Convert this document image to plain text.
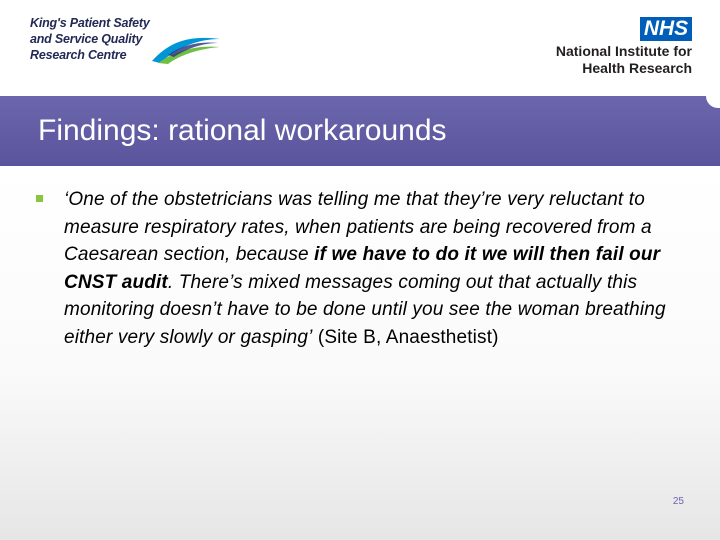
King's Patient Safety
and Service Quality
Research Centre
NHS
National Institute for
Health Research
Findings: rational workarounds

‘One of the obstetricians was telling me that they’re very reluctant to measure respiratory rates, when patients are being recovered from a Caesarean section, because if we have to do it we will then fail our CNST audit. There’s mixed messages coming out that actually this monitoring doesn’t have to be done until you see the woman breathing either very slowly or gasping’ (Site B, Anaesthetist)

25
